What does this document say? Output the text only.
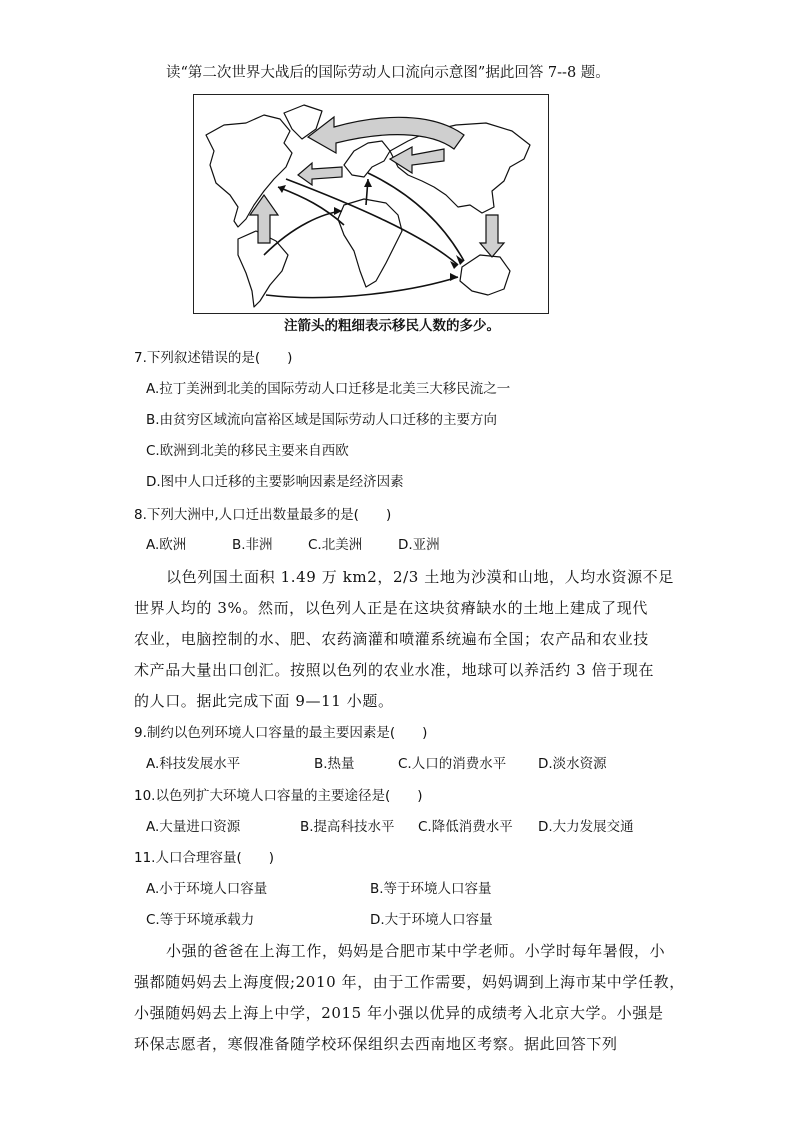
读“第二次世界大战后的国际劳动人口流向示意图”据此回答 7--8 题。
注箭头的粗细表示移民人数的多少。
7.下列叙述错误的是(　　)
A.拉丁美洲到北美的国际劳动人口迁移是北美三大移民流之一
B.由贫穷区域流向富裕区域是国际劳动人口迁移的主要方向
C.欧洲到北美的移民主要来自西欧
D.图中人口迁移的主要影响因素是经济因素
8.下列大洲中,人口迁出数量最多的是(　　)
A.欧洲	B.非洲	C.北美洲	D.亚洲
以色列国土面积 1.49 万 km2，2/3 土地为沙漠和山地，人均水资源不足
世界人均的 3%。然而，以色列人正是在这块贫瘠缺水的土地上建成了现代
农业，电脑控制的水、肥、农药滴灌和喷灌系统遍布全国；农产品和农业技
术产品大量出口创汇。按照以色列的农业水准，地球可以养活约 3 倍于现在
的人口。据此完成下面 9—11 小题。
9.制约以色列环境人口容量的最主要因素是(　　)
A.科技发展水平	B.热量	C.人口的消费水平 D.淡水资源
10.以色列扩大环境人口容量的主要途径是(　　)
A.大量进口资源	B.提高科技水平 C.降低消费水平 D.大力发展交通
11.人口合理容量(　　)
A.小于环境人口容量	B.等于环境人口容量
C.等于环境承载力	D.大于环境人口容量
小强的爸爸在上海工作，妈妈是合肥市某中学老师。小学时每年暑假，小
强都随妈妈去上海度假;2010 年，由于工作需要，妈妈调到上海市某中学任教，
小强随妈妈去上海上中学，2015 年小强以优异的成绩考入北京大学。小强是
环保志愿者，寒假准备随学校环保组织去西南地区考察。据此回答下列
